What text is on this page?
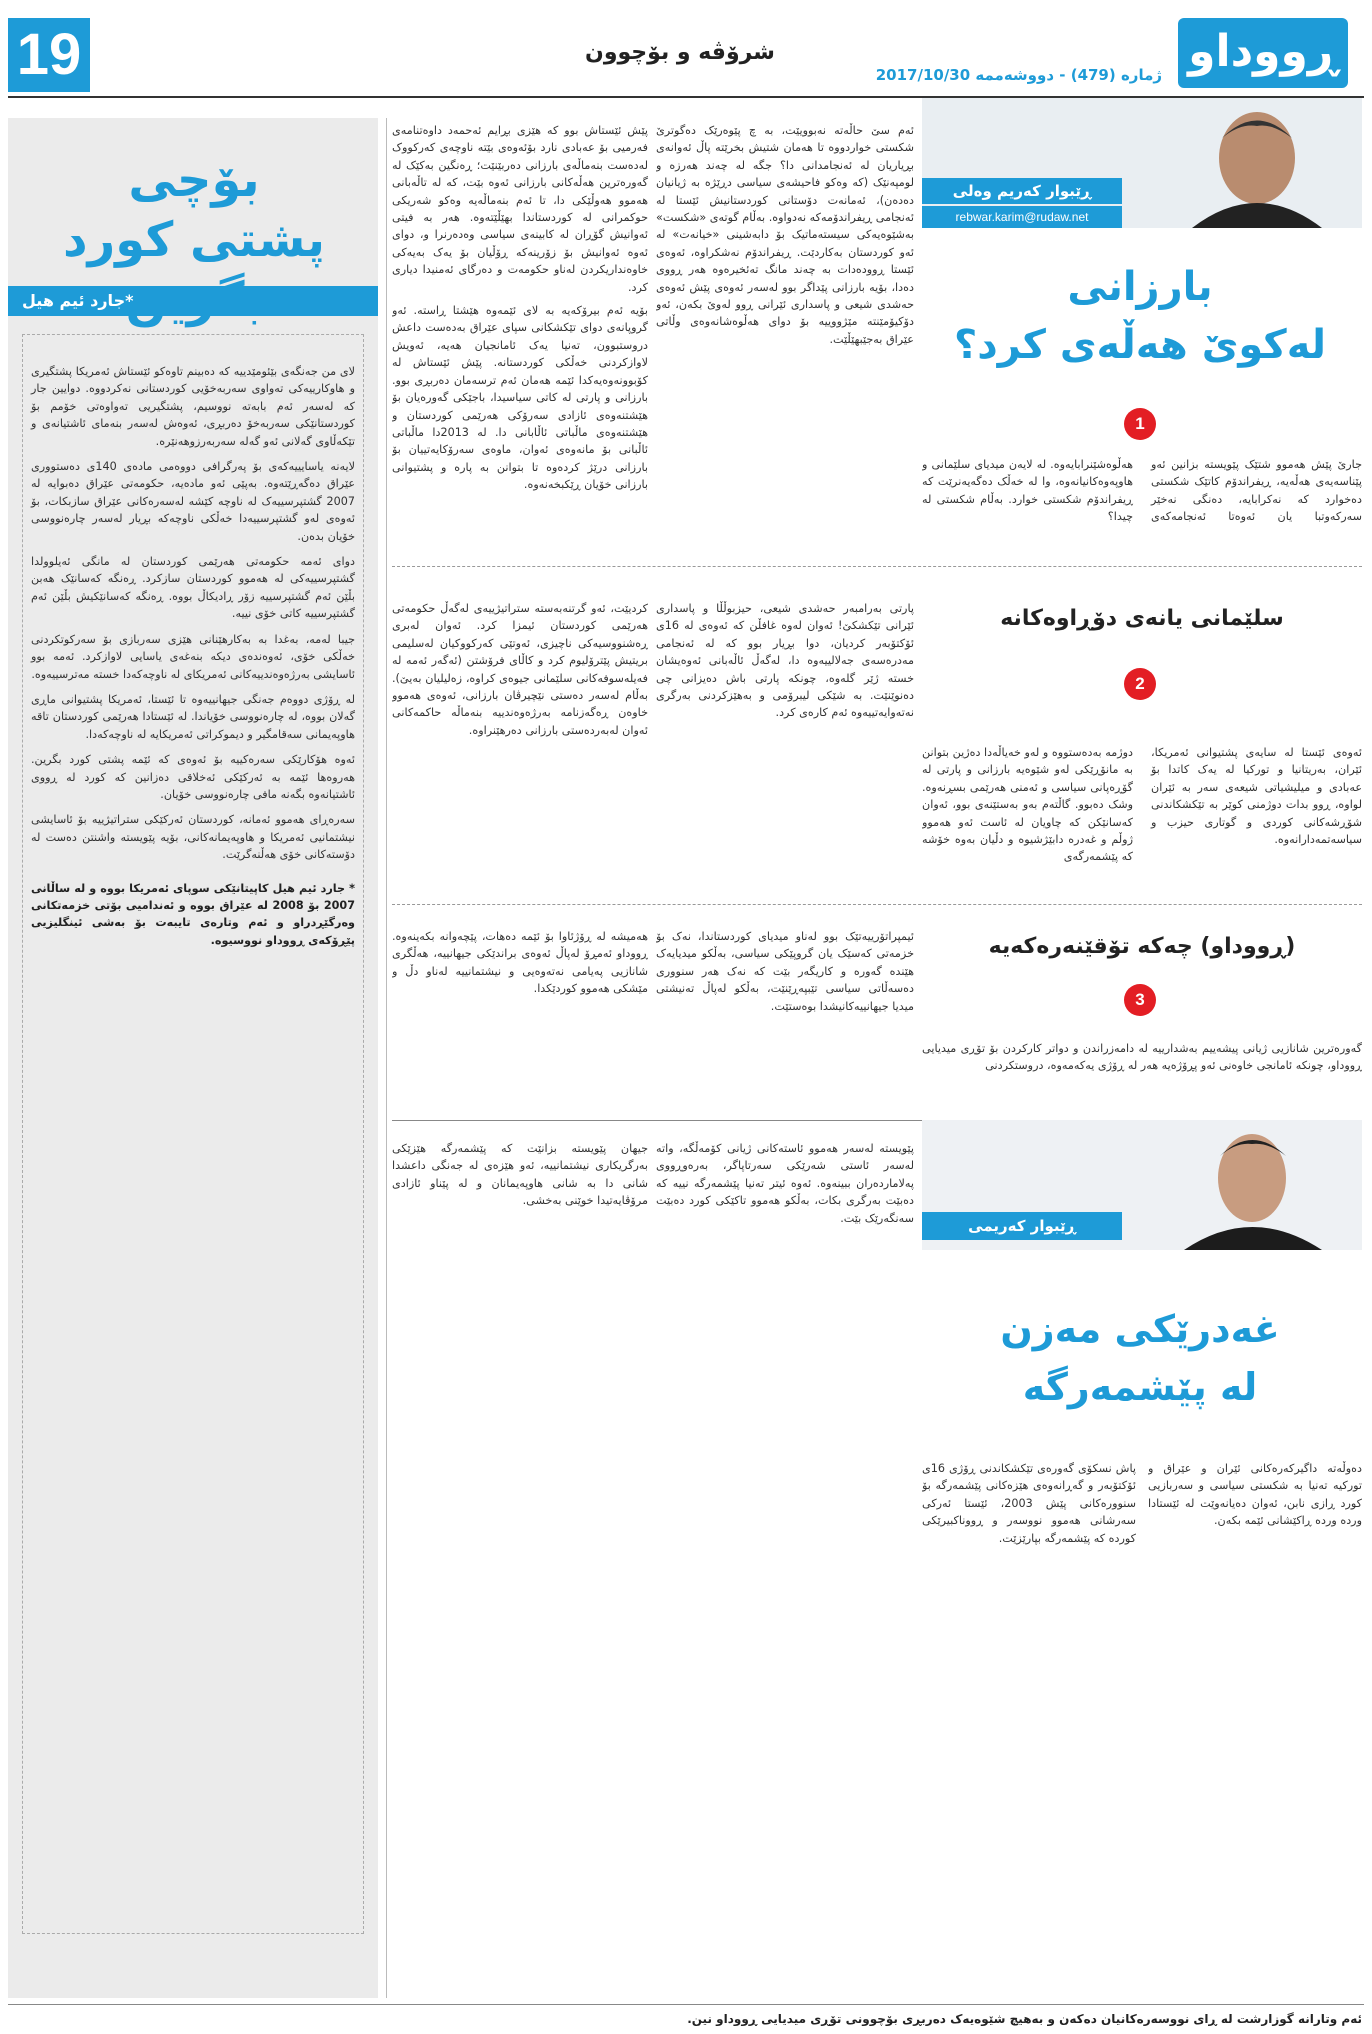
19	شرۆڤە و بۆچوون	ڕووداو
ژمارە (479) - دووشەممە 2017/10/30
بۆچی
پشتی کورد
*جارد ئیم هیل

لای من جەنگەی بێئومێدییە کە دەبینم تاوەکو ئێستاش ئەمریکا پشتگیری و هاوکارییەکی تەواوی سەربەخۆیی کوردستانی نەکردووە. دوایین جار کە لەسەر ئەم بابەتە نووسیم، پشتگیریی تەواوەتی خۆمم بۆ کوردستانێکی سەربەخۆ دەربڕی، ئەوەش لەسەر بنەمای ئاشتیانەی و تێکەڵاوی گەلانی ئەو گەلە سەربەرزوهەنێرە.

لایەنە یاسایییەکەی بۆ پەرگرافی دووەمی مادەی 140ی دەستووری عێراق دەگەڕێتەوە. بەپێی ئەو مادەیە، حکومەتی عێراق دەبوایە لە 2007 گشتپرسییەک لە ناوچە کێشە لەسەرەکانی عێراق سازبکات، بۆ ئەوەی لەو گشتپرسییەدا خەڵکی ناوچەکە بڕیار لەسەر چارەنووسی خۆیان بدەن.

دوای ئەمە حکومەتی هەرێمی کوردستان لە مانگی ئەیلوولدا گشتپرسییەکی لە هەموو کوردستان سازکرد. ڕەنگە کەسانێک هەبن بڵێن ئەم گشتپرسییە زۆر ڕادیکاڵ بووە. ڕەنگە کەسانێکیش بڵێن ئەم گشتپرسییە کاتی خۆی نییە.

جیبا لەمە، بەغدا بە بەکارهێنانی هێزی سەربازی بۆ سەرکوتکردنی خەڵکی خۆی، ئەوەندەی دیکە بنەغەی یاسایی لاوازکرد. ئەمە بوو ئاسایشی بەرژەوەندییەکانی ئەمریکای لە ناوچەکەدا خستە مەترسییەوە.

لە ڕۆژی دووەم جەنگی جیهانییەوە تا ئێستا، ئەمریکا پشتیوانی ماڕی گەلان بووە، لە چارەنووسی خۆیاندا. لە ئێستادا هەرێمی کوردستان تاقە هاوپەیمانی سەقامگیر و دیموکراتی ئەمریکایە لە ناوچەکەدا.

ئەوە هۆکارێکی سەرەکییە بۆ ئەوەی کە ئێمە پشتی کورد بگرین. هەروەها ئێمە بە ئەرکێکی ئەخلاقی دەزانین کە کورد لە ڕووی ئاشتیانەوە بگەنە مافی چارەنووسی خۆیان.

سەرەڕای هەموو ئەمانە، کوردستان ئەرکێکی ستراتیژییە بۆ ئاسایشی نیشتمانیی ئەمریکا و هاوپەیمانەکانی، بۆیە پێویستە واشنتن دەست لە دۆستەکانی خۆی هەڵنەگرێت.

* جارد ئیم هیل کاپیتانێکی سوپای ئەمریکا بووە و لە ساڵانی 2007 بۆ 2008 لە عێراق بووە و ئەندامیی بۆتی خزمەتکانی وەرگێڕدراو و ئەم وتارەی تایبەت بۆ بەشی ئینگلیزیی پێڕۆکەی ڕووداو نووسیوە.

ڕێبوار کەریم وەلی
rebwar.karim@rudaw.net
بارزانی
لەکوێ هەڵەی کرد؟
1

جارێ پێش هەموو شتێک پێویستە بزانین ئەو پێناسەیەی هەڵەیە، ڕیفراندۆم کاتێک شکستی دەخوارد کە نەکرابایە، دەنگی نەخێر سەرکەوتبا یان ئەوەتا ئەنجامەکەی هەڵوەشێنرابایەوە. لە لایەن میدیای سلێمانی و هاوپەوەکانیانەوە، وا لە خەڵک دەگەیەنرێت کە ڕیفراندۆم شکستی خوارد. بەڵام شکستی لە چیدا؟

ئەم سێ حاڵەتە نەبوویێت، بە چ پێوەرێک دەگوترێ شکستی خواردووە تا هەمان شتیش بخرێتە پاڵ ئەوانەی بڕیاریان لە ئەنجامدانی دا؟ جگە لە چەند هەرزە و لومپەنێک (کە وەکو فاحیشەی سیاسی دڕێژە بە ژیانیان دەدەن)، ئەمانەت دۆستانی کوردستانیش ئێستا لە ئەنجامی ڕیفراندۆمەکە نەدواوە. بەڵام گوتەی «شکست» بەشێوەیەکی سیستەماتیک بۆ دابەشینی «خیانەت» لە ئەو کوردستان بەکاردێت. ڕیفراندۆم نەشکراوە، ئەوەی ئێستا ڕوودەدات بە چەند مانگ تەئخیرەوە هەر ڕووی دەدا، بۆیە بارزانی پێداگر بوو لەسەر ئەوەی پێش ئەوەی حەشدی شیعی و پاسداری ئێرانی ڕوو لەوێ بکەن، ئەو دۆکیۆمێنتە مێژووییە بۆ دوای هەڵوەشانەوەی وڵاتی عێراق بەجێبهێڵێت.

پێش ئێستاش بوو کە هێزی بڕایم ئەحمەد داوەتنامەی فەرمیی بۆ عەبادی نارد بۆئەوەی بێتە ناوچەی کەرکووک لەدەست بنەماڵەی بارزانی دەربێنێت؛ ڕەنگین بەکێک لە گەورەترین هەڵەکانی بارزانی ئەوە بێت، کە لە تاڵەبانی هەموو هەوڵێکی دا، تا ئەم بنەماڵەیە وەکو شەریکی حوکمرانی لە کوردستاندا بهێڵێتەوە. هەر بە فیتی ئەوانیش گۆڕان لە کابینەی سیاسی وەدەرنرا و، دوای ئەوە ئەوانیش بۆ زۆرینەکە ڕۆڵیان بۆ یەک بەیەکی خاوەنداریکردن لەناو حکومەت و دەرگای ئەمنیدا دیاری کرد.

بۆیە ئەم بیرۆکەیە بە لای ئێمەوە هێشتا ڕاستە. ئەو گروپانەی دوای تێکشکانی سپای عێراق بەدەست داعش دروستبوون، تەنیا یەک ئامانجیان هەیە، ئەویش لاوازکردنی خەڵکی کوردستانە. پێش ئێستاش لە کۆبوونەوەیەکدا ئێمە هەمان ئەم ترسەمان دەربڕی بوو. بارزانی و پارتی لە کاتی سیاسیدا، باجێکی گەورەیان بۆ هێشتنەوەی ئازادی سەرۆکی هەرێمی کوردستان و هێشتنەوەی ماڵباتی ئاڵابانی دا. لە 2013دا ماڵباتی ئاڵبانی بۆ مانەوەی ئەوان، ماوەی سەرۆکایەتییان بۆ بارزانی درێژ کردەوە تا بتوانن بە پارە و پشتیوانی بارزانی خۆیان ڕێکبخەنەوە.

سلێمانی یانەی دۆڕاوەکانە
2

پارتی بەرامبەر حەشدی شیعی، حیزبوڵڵا و پاسداری ئێرانی تێکشکێ! ئەوان لەوە غافڵن کە ئەوەی لە 16ی ئۆکتۆبەر کردیان، دوا بڕیار بوو کە لە ئەنجامی مەدرەسەی جەلالییەوە دا، لەگەڵ ئاڵەبانی ئەوەیشان خستە ژێر گلەوە، چونکە پارتی باش دەیزانی چی دەنوێنێت. بە شێکی لیبرۆمی و بەهێزکردنی بەرگری نەتەوایەتییەوە ئەم کارەی کرد.

کردیێت، ئەو گرتنەبەستە ستراتیژییەی لەگەڵ حکومەتی هەرێمی کوردستان ئیمزا کرد. ئەوان لەبری ڕەشنووسیەکی ناچیزی، ئەوتێی کەرکووکیان لەسلیمی بریتیش پێترۆلیوم کرد و کاڵای فرۆشتن (ئەگەر ئەمە لە فەیلەسوفەکانی سلێمانی جیوەی کراوە، زەلیلیان بەیێ). بەڵام لەسەر دەستی نێچیرڤان بارزانی، ئەوەی هەموو خاوەن ڕەگەزنامە بەرژەوەندییە بنەماڵە حاکمەکانی ئەوان لەبەردەستی بارزانی دەرهێنراوە.

ئەوەی ئێستا لە سایەی پشتیوانی ئەمریکا، ئێران، بەریتانیا و تورکیا لە یەک کاتدا بۆ عەبادی و میلیشیاتی شیعەی سەر بە ئێران لواوە، ڕوو بدات دوژمنی کوێر بە تێکشکاندنی شۆڕشەکانی کوردی و گوتاری حیزب و سیاسەتمەدارانەوە.

دوژمە بەدەستووە و لەو خەیاڵەدا دەژین بتوانن بە مانۆڕێکی لەو شێوەیە بارزانی و پارتی لە گۆڕەپانی سیاسی و ئەمنی هەرێمی بسڕنەوە. وشک دەبوو. گاڵتەم بەو بەستێنەی بوو، ئەوان کەسانێکن کە چاویان لە ئاست ئەو هەموو ژوڵم و غەدرە دابێژشیوە و دڵیان بەوە خۆشە کە پێشمەرگەی

(ڕووداو) چەکە تۆقێنەرەکەیە
3

گەورەترین شانازیی ژیانی پیشەییم بەشدارییە لە دامەزراندن و دواتر کارکردن بۆ تۆڕی میدیایی ڕووداو، چونکە ئامانجی خاوەنی ئەو پڕۆژەیە هەر لە ڕۆژی یەکەمەوە، دروستکردنی

ئیمپراتۆرییەتێک بوو لەناو میدیای کوردستاندا، نەک بۆ خزمەتی کەسێک یان گروپێکی سیاسی، بەڵکو میدیایەک هێندە گەورە و کاریگەر بێت کە نەک هەر سنووری دەسەڵاتی سیاسی تێبپەڕێنێت، بەڵکو لەپاڵ تەنیشتی میدیا جیهانییەکانیشدا بوەستێت.

هەمیشە لە ڕۆژئاوا بۆ ئێمە دەهات، پێچەوانە بکەینەوە. ڕووداو ئەمڕۆ لەپاڵ ئەوەی براندێکی جیهانییە، هەڵگری شانازیی پەیامی نەتەوەیی و نیشتمانییە لەناو دڵ و مێشکی هەموو کوردێکدا.

ڕێبوار کەریمی
غەدرێکی مەزن
لە پێشمەرگە

دەوڵەتە داگیرکەرەکانی ئێران و عێراق و تورکیە تەنیا بە شکستی سیاسی و سەربازیی کورد ڕازی نابن، ئەوان دەیانەوێت لە ئێستادا وردە وردە ڕاکێشانی ئێمە بکەن.

پاش نسکۆی گەورەی تێکشکاندنی ڕۆژی 16ی ئۆکتۆبەر و گەڕانەوەی هێزەکانی پێشمەرگە بۆ سنوورەکانی پێش 2003، ئێستا ئەرکی سەرشانی هەموو نووسەر و ڕووناکبیرێکی کوردە کە پێشمەرگە بپارێزێت.

پێویستە لەسەر هەموو ئاستەکانی ژیانی کۆمەڵگە، واتە لەسەر ئاستی شەرێکی سەرتاپاگر، بەرەوڕووی پەلاماردەران ببینەوە. ئەوە ئیتر تەنیا پێشمەرگە نییە کە دەبێت بەرگری بکات، بەڵکو هەموو تاکێکی کورد دەبێت سەنگەرێک بێت.

جیهان پێویستە بزانێت کە پێشمەرگە هێزێکی بەرگریکاری نیشتمانییە، ئەو هێزەی لە جەنگی داعشدا شانی دا بە شانی هاوپەیمانان و لە پێناو ئازادی مرۆڤایەتیدا خوێنی بەخشی.

ئەم وتارانە گوزارشت لە ڕای نووسەرەکانیان دەکەن و بەهیچ شێوەیەک دەربڕی بۆچوونی تۆڕی میدیایی ڕووداو نین.
